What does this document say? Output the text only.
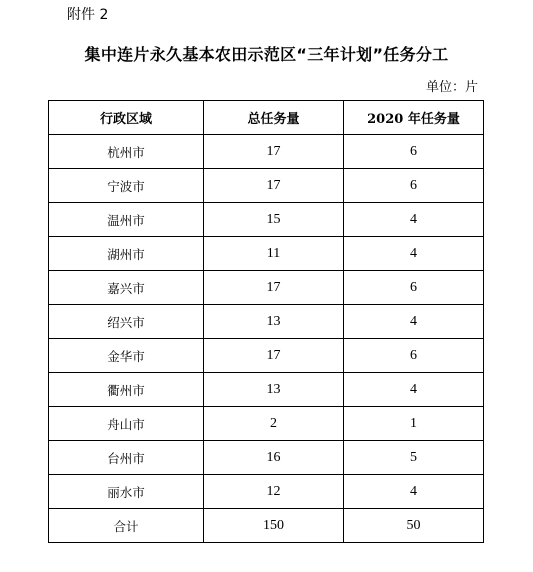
附件 2
集中连片永久基本农田示范区“三年计划”任务分工
单位：片
行政区域	总任务量	2020 年任务量
杭州市	17	6
宁波市	17	6
温州市	15	4
湖州市	11	4
嘉兴市	17	6
绍兴市	13	4
金华市	17	6
衢州市	13	4
舟山市	2	1
台州市	16	5
丽水市	12	4
合计	150	50
